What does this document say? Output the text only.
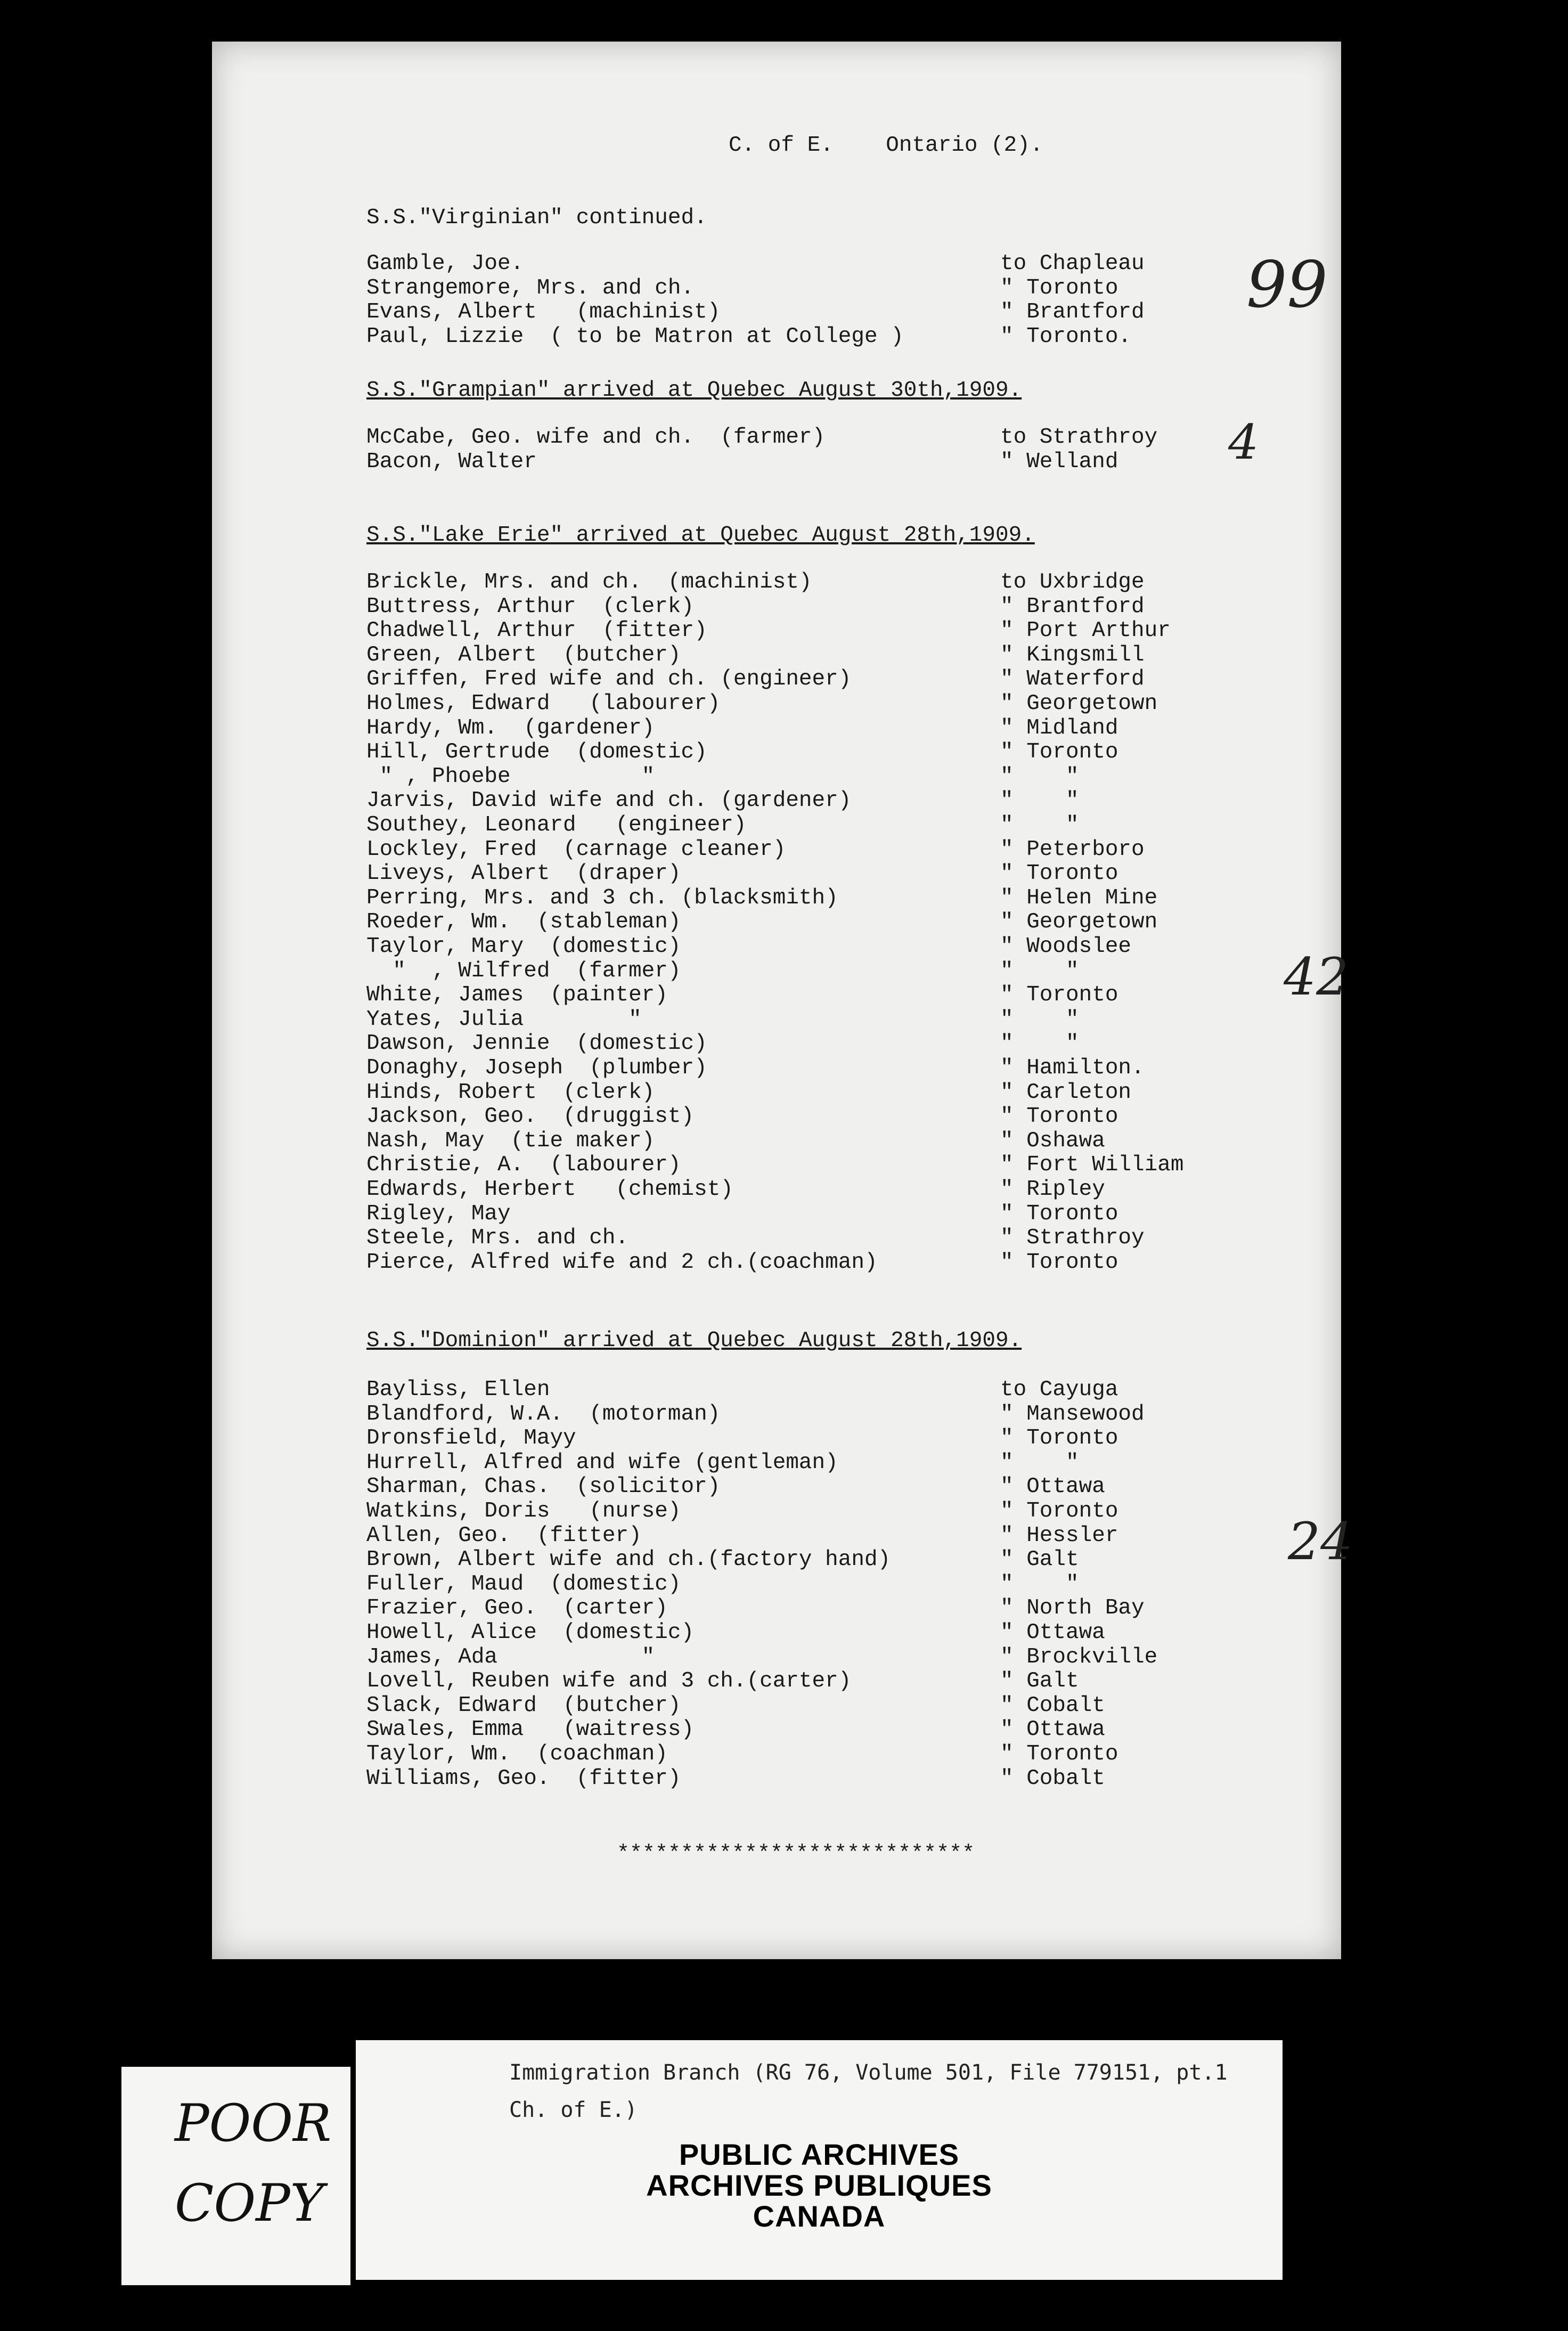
C. of E.    Ontario (2).

S.S."Virginian" continued.
S.S."Grampian" arrived at Quebec August 30th,1909.
S.S."Lake Erie" arrived at Quebec August 28th,1909.
S.S."Dominion" arrived at Quebec August 28th,1909.
****************************
99
4
42
24
Gamble, Joe.	to Chapleau
Strangemore, Mrs. and ch.	" Toronto
Evans, Albert   (machinist)	" Brantford
Paul, Lizzie  ( to be Matron at College )	" Toronto.
McCabe, Geo. wife and ch.  (farmer)	to Strathroy
Bacon, Walter	" Welland
Brickle, Mrs. and ch.  (machinist)	to Uxbridge
Buttress, Arthur  (clerk)	" Brantford
Chadwell, Arthur  (fitter)	" Port Arthur
Green, Albert  (butcher)	" Kingsmill
Griffen, Fred wife and ch. (engineer)	" Waterford
Holmes, Edward   (labourer)	" Georgetown
Hardy, Wm.  (gardener)	" Midland
Hill, Gertrude  (domestic)	" Toronto
" , Phoebe          "	"    "
Jarvis, David wife and ch. (gardener)	"    "
Southey, Leonard   (engineer)	"    "
Lockley, Fred  (carnage cleaner)	" Peterboro
Liveys, Albert  (draper)	" Toronto
Perring, Mrs. and 3 ch. (blacksmith)	" Helen Mine
Roeder, Wm.  (stableman)	" Georgetown
Taylor, Mary  (domestic)	" Woodslee
"  , Wilfred  (farmer)	"    "
White, James  (painter)	" Toronto
Yates, Julia        "	"    "
Dawson, Jennie  (domestic)	"    "
Donaghy, Joseph  (plumber)	" Hamilton.
Hinds, Robert  (clerk)	" Carleton
Jackson, Geo.  (druggist)	" Toronto
Nash, May  (tie maker)	" Oshawa
Christie, A.  (labourer)	" Fort William
Edwards, Herbert   (chemist)	" Ripley
Rigley, May	" Toronto
Steele, Mrs. and ch.	" Strathroy
Pierce, Alfred wife and 2 ch.(coachman)	" Toronto
Bayliss, Ellen	to Cayuga
Blandford, W.A.  (motorman)	" Mansewood
Dronsfield, Mayy	" Toronto
Hurrell, Alfred and wife (gentleman)	"    "
Sharman, Chas.  (solicitor)	" Ottawa
Watkins, Doris   (nurse)	" Toronto
Allen, Geo.  (fitter)	" Hessler
Brown, Albert wife and ch.(factory hand)	" Galt
Fuller, Maud  (domestic)	"    "
Frazier, Geo.  (carter)	" North Bay
Howell, Alice  (domestic)	" Ottawa
James, Ada           "	" Brockville
Lovell, Reuben wife and 3 ch.(carter)	" Galt
Slack, Edward  (butcher)	" Cobalt
Swales, Emma   (waitress)	" Ottawa
Taylor, Wm.  (coachman)	" Toronto
Williams, Geo.  (fitter)	" Cobalt
POOR
COPY
Immigration Branch (RG 76, Volume 501, File 779151, pt.1
Ch. of E.)
PUBLIC ARCHIVES
ARCHIVES PUBLIQUES
CANADA
